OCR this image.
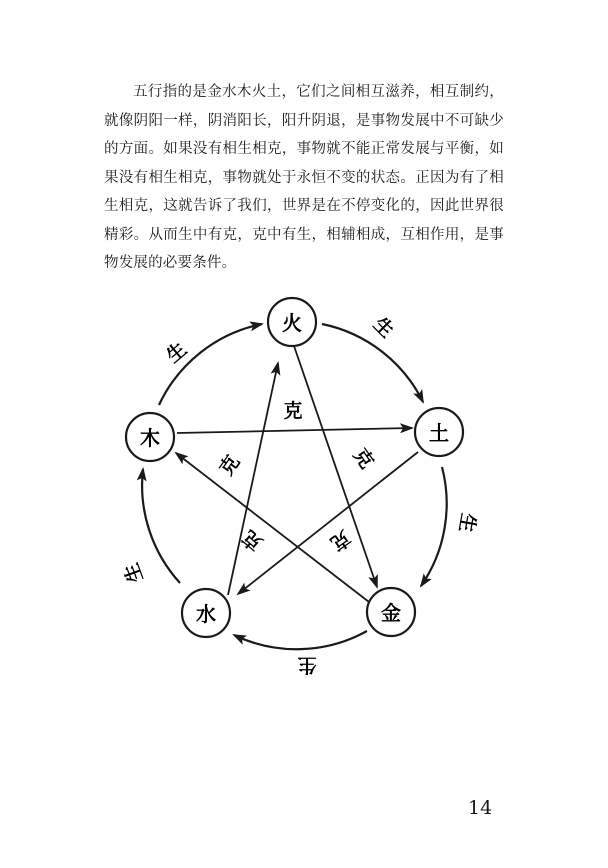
五行指的是金水木火土，它们之间相互滋养，相互制约，就像阴阳一样，阴消阳长，阳升阴退，是事物发展中不可缺少的方面。如果没有相生相克，事物就不能正常发展与平衡，如果没有相生相克，事物就处于永恒不变的状态。正因为有了相生相克，这就告诉了我们，世界是在不停变化的，因此世界很精彩。从而生中有克，克中有生，相辅相成，互相作用，是事物发展的必要条件。

火
土
金
水
木
生
生
生
生
生
克
克
克
克
克
14
